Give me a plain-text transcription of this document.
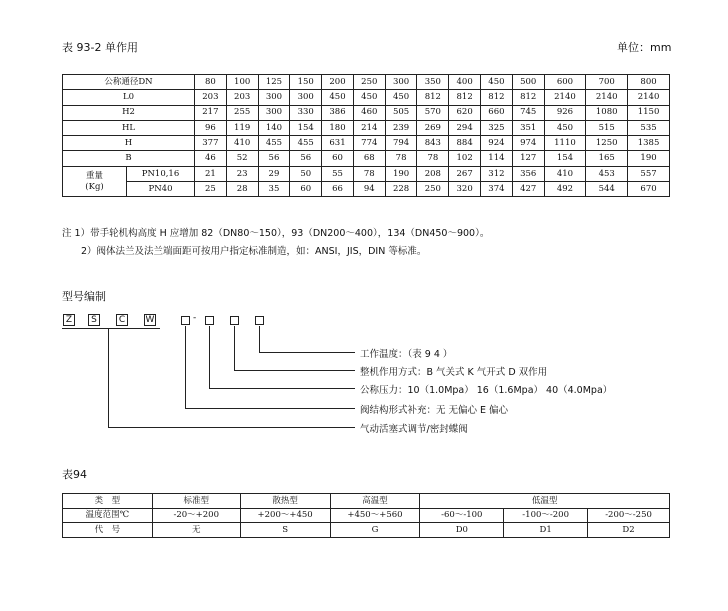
表 93-2 单作用	单位：mm
公称通径DN		80	100	125	150	200	250	300	350	400	450	500	600	700	800
L0		203	203	300	300	450	450	450	812	812	812	812	2140	2140	2140
H2		217	255	300	330	386	460	505	570	620	660	745	926	1080	1150
HL		96	119	140	154	180	214	239	269	294	325	351	450	515	535
H		377	410	455	455	631	774	794	843	884	924	974	1110	1250	1385
B		46	52	56	56	60	68	78	78	102	114	127	154	165	190

重量
(Kg)	PN10,16	21	23	29	50	55	78	190	208	267	312	356	410	453	557
	PN40	25	28	35	60	66	94	228	250	320	374	427	492	544	670
注 1）带手轮机构高度 H 应增加 82（DN80～150），93（DN200～400），134（DN450～900）。
2）阀体法兰及法兰端面距可按用户指定标准制造，如：ANSI，JIS，DIN 等标准。
型号编制
Z	S	C	W	-
工作温度：（表 9 4 ）
整机作用方式：B 气关式 K 气开式 D 双作用
公称压力：10（1.0Mpa） 16（1.6Mpa） 40（4.0Mpa）
阀结构形式补充：无 无偏心 E 偏心
气动活塞式调节/密封蝶阀
表94
类　型	标准型	散热型	高温型	低温型		
温度范围℃	-20～+200	+200～+450	+450～+560	-60～-100	-100～-200	-200～-250
代　号	无	S	G	D0	D1	D2
